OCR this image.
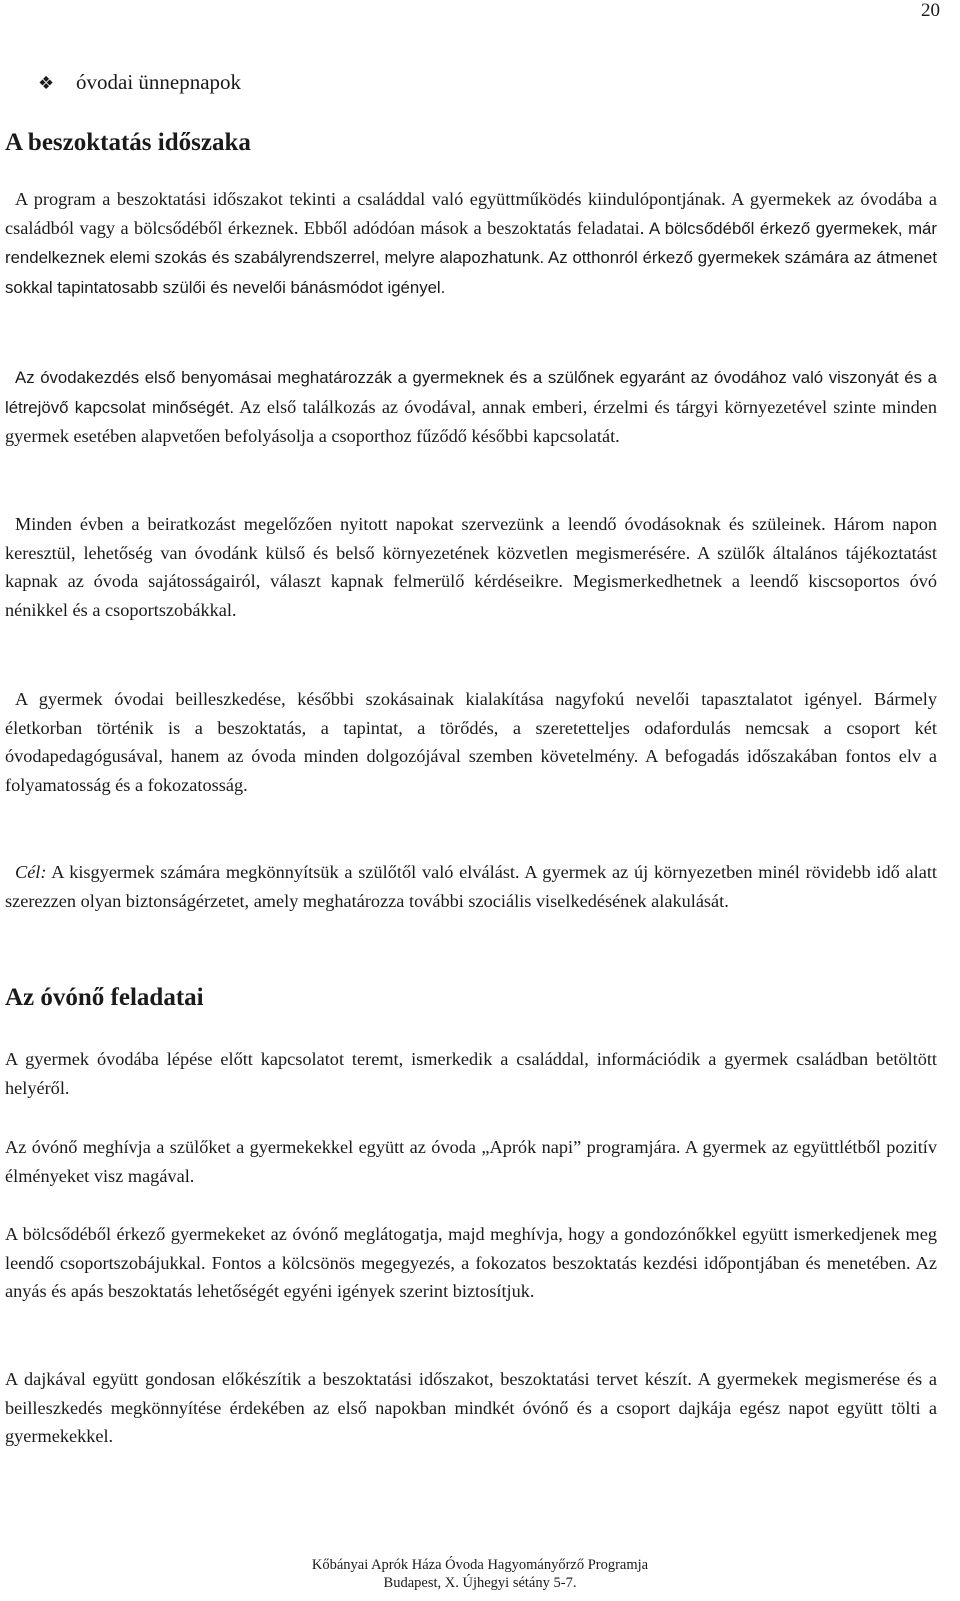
20
❖ óvodai ünnepnapok
A beszoktatás időszaka

A program a beszoktatási időszakot tekinti a családdal való együttműködés kiindulópontjának. A gyermekek az óvodába a családból vagy a bölcsődéből érkeznek. Ebből adódóan mások a beszoktatás feladatai. A bölcsődéből érkező gyermekek, már rendelkeznek elemi szokás és szabályrendszerrel, melyre alapozhatunk. Az otthonról érkező gyermekek számára az átmenet sokkal tapintatosabb szülői és nevelői bánásmódot igényel.

Az óvodakezdés első benyomásai meghatározzák a gyermeknek és a szülőnek egyaránt az óvodához való viszonyát és a létrejövő kapcsolat minőségét. Az első találkozás az óvodával, annak emberi, érzelmi és tárgyi környezetével szinte minden gyermek esetében alapvetően befolyásolja a csoporthoz fűződő későbbi kapcsolatát.

Minden évben a beiratkozást megelőzően nyitott napokat szervezünk a leendő óvodásoknak és szüleinek. Három napon keresztül, lehetőség van óvodánk külső és belső környezetének közvetlen megismerésére. A szülők általános tájékoztatást kapnak az óvoda sajátosságairól, választ kapnak felmerülő kérdéseikre. Megismerkedhetnek a leendő kiscsoportos óvó nénikkel és a csoportszobákkal.

A gyermek óvodai beilleszkedése, későbbi szokásainak kialakítása nagyfokú nevelői tapasztalatot igényel. Bármely életkorban történik is a beszoktatás, a tapintat, a törődés, a szeretetteljes odafordulás nemcsak a csoport két óvodapedagógusával, hanem az óvoda minden dolgozójával szemben követelmény. A befogadás időszakában fontos elv a folyamatosság és a fokozatosság.

Cél: A kisgyermek számára megkönnyítsük a szülőtől való elválást. A gyermek az új környezetben minél rövidebb idő alatt szerezzen olyan biztonságérzetet, amely meghatározza további szociális viselkedésének alakulását.

Az óvónő feladatai

A gyermek óvodába lépése előtt kapcsolatot teremt, ismerkedik a családdal, információdik a gyermek családban betöltött helyéről.

Az óvónő meghívja a szülőket a gyermekekkel együtt az óvoda „Aprók napi” programjára. A gyermek az együttlétből pozitív élményeket visz magával.

A bölcsődéből érkező gyermekeket az óvónő meglátogatja, majd meghívja, hogy a gondozónőkkel együtt ismerkedjenek meg leendő csoportszobájukkal. Fontos a kölcsönös megegyezés, a fokozatos beszoktatás kezdési időpontjában és menetében. Az anyás és apás beszoktatás lehetőségét egyéni igények szerint biztosítjuk.

A dajkával együtt gondosan előkészítik a beszoktatási időszakot, beszoktatási tervet készít. A gyermekek megismerése és a beilleszkedés megkönnyítése érdekében az első napokban mindkét óvónő és a csoport dajkája egész napot együtt tölti a gyermekekkel.

Kőbányai Aprók Háza Óvoda Hagyományőrző Programja
Budapest, X. Újhegyi sétány 5-7.
